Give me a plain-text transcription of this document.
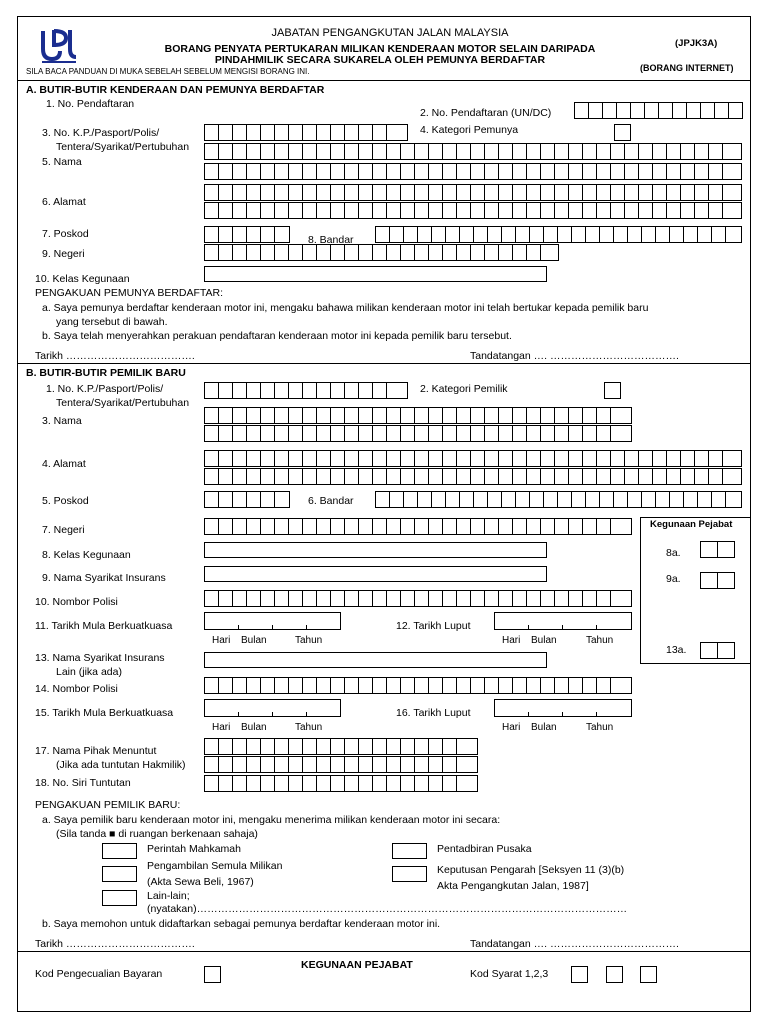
JABATAN PENGANGKUTAN JALAN MALAYSIA
BORANG PENYATA PERTUKARAN MILIKAN KENDERAAN MOTOR SELAIN DARIPADA
PINDAHMILIK SECARA SUKARELA OLEH PEMUNYA BERDAFTAR
SILA BACA PANDUAN DI MUKA SEBELAH SEBELUM MENGISI BORANG INI.
(JPJK3A)
(BORANG INTERNET)
A. BUTIR-BUTIR KENDERAAN DAN PEMUNYA BERDAFTAR
1. No. Pendaftaran
2. No. Pendaftaran (UN/DC)
3. No. K.P./Pasport/Polis/
Tentera/Syarikat/Pertubuhan
4. Kategori Pemunya
5. Nama
6. Alamat
7. Poskod	8. Bandar
9. Negeri
10. Kelas Kegunaan
PENGAKUAN PEMUNYA BERDAFTAR:
a. Saya pemunya berdaftar kenderaan motor ini, mengaku bahawa milikan kenderaan motor ini telah bertukar kepada pemilik baru
yang tersebut di bawah.
b. Saya telah menyerahkan perakuan pendaftaran kenderaan motor ini kepada pemilik baru tersebut.
Tarikh ……………………………….	Tandatangan …. ……………………………….
B. BUTIR-BUTIR PEMILIK BARU
1. No. K.P./Pasport/Polis/
Tentera/Syarikat/Pertubuhan
2. Kategori Pemilik
3. Nama
4. Alamat
5. Poskod	6. Bandar
7. Negeri	Kegunaan Pejabat
8a.
9a.
13a.
8. Kelas Kegunaan
9. Nama Syarikat Insurans
10. Nombor Polisi
11. Tarikh Mula Berkuatkuasa
Hari Bulan	Tahun
12. Tarikh Luput
Hari Bulan	Tahun
13. Nama Syarikat Insurans
Lain (jika ada)
14. Nombor Polisi
15. Tarikh Mula Berkuatkuasa
Hari Bulan	Tahun
16. Tarikh Luput
Hari Bulan	Tahun
17. Nama Pihak Menuntut
(Jika ada tuntutan Hakmilik)
18. No. Siri Tuntutan
PENGAKUAN PEMILIK BARU:
a. Saya pemilik baru kenderaan motor ini, mengaku menerima milikan kenderaan motor ini secara:
(Sila tanda ■ di ruangan berkenaan sahaja)
Perintah Mahkamah
Pengambilan Semula Milikan
(Akta Sewa Beli, 1967)
Lain-lain;
(nyatakan)……………………………………………………………………………………………………………
Pentadbiran Pusaka
Keputusan Pengarah [Seksyen 11 (3)(b)
Akta Pengangkutan Jalan, 1987]
b. Saya memohon untuk didaftarkan sebagai pemunya berdaftar kenderaan motor ini.
Tarikh ……………………………….	Tandatangan …. ……………………………….
KEGUNAAN PEJABAT
Kod Pengecualian Bayaran	Kod Syarat 1,2,3
